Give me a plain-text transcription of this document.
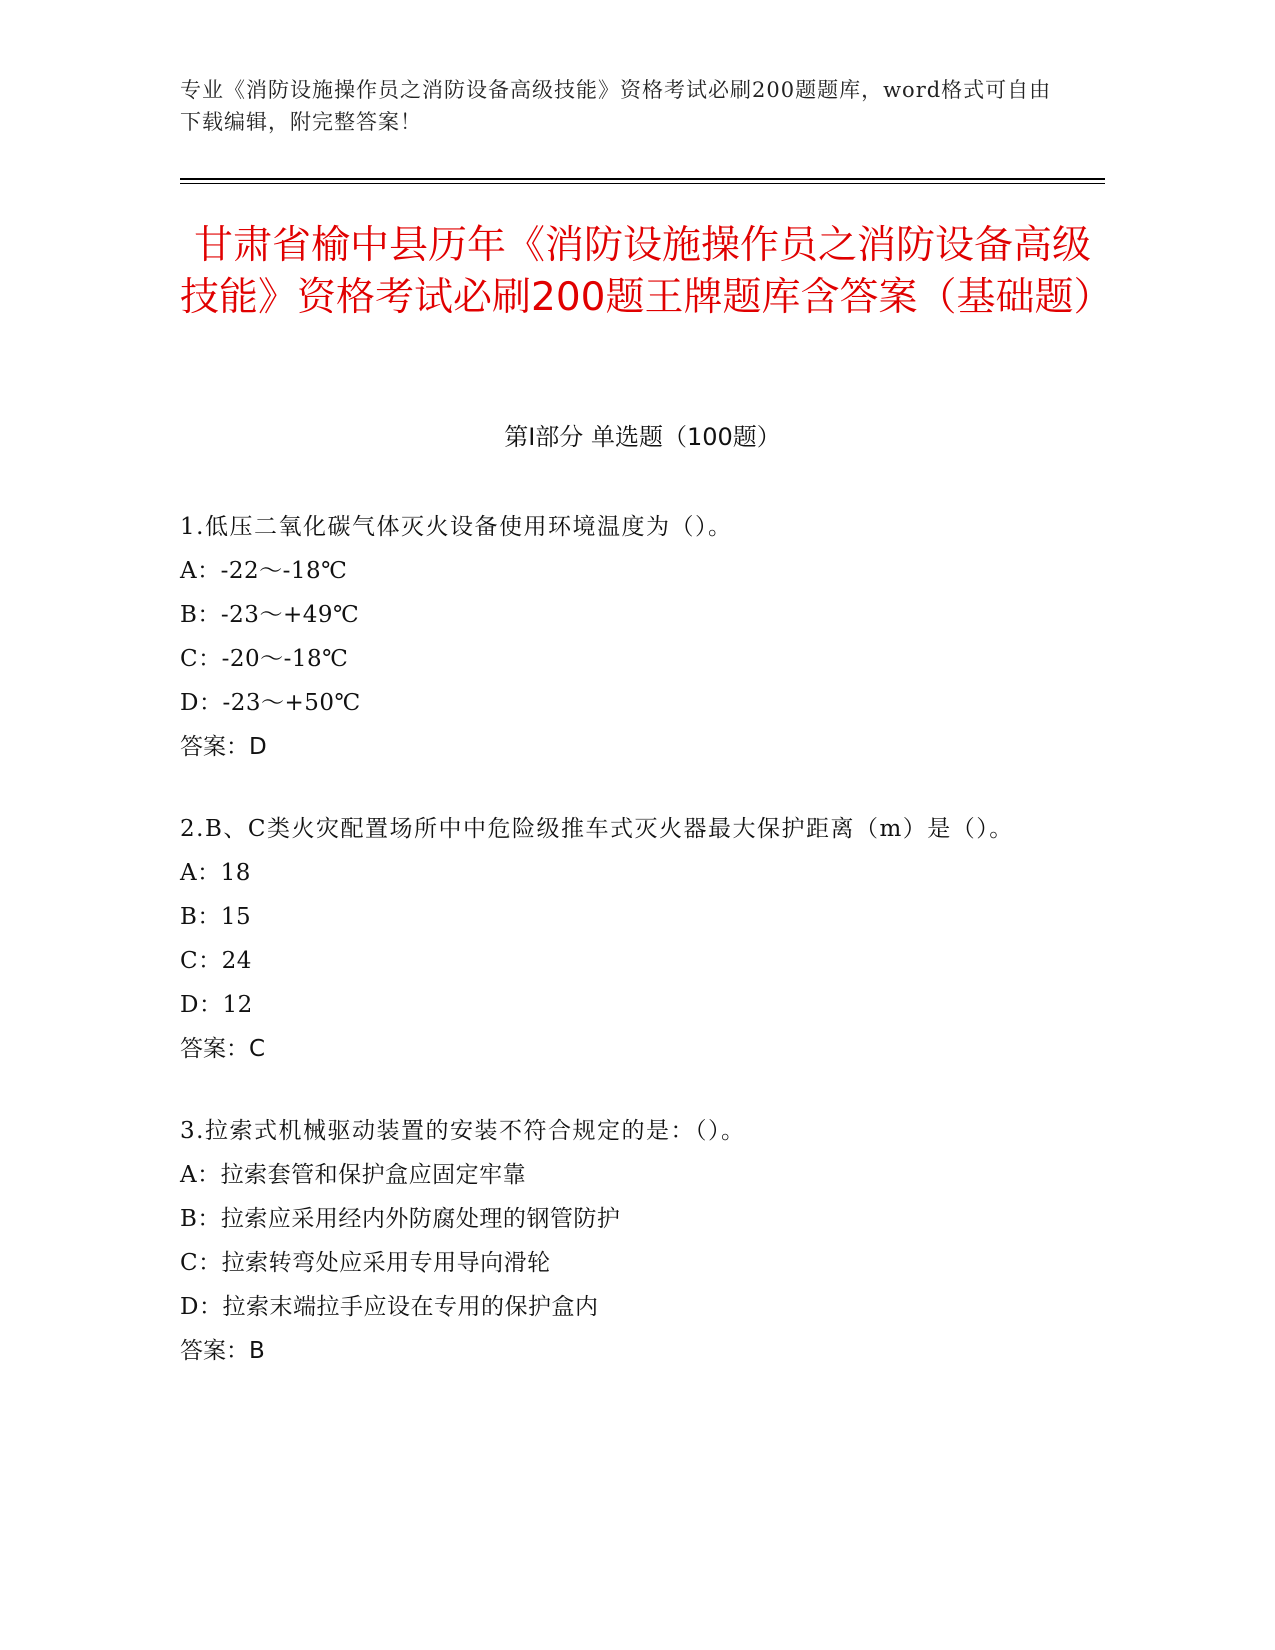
专业《消防设施操作员之消防设备高级技能》资格考试必刷200题题库，word格式可自由下载编辑，附完整答案！
甘肃省榆中县历年《消防设施操作员之消防设备高级技能》资格考试必刷200题王牌题库含答案（基础题）
第Ⅰ部分 单选题（100题）
1.低压二氧化碳气体灭火设备使用环境温度为（）。
A：-22～-18℃
B：-23～+49℃
C：-20～-18℃
D：-23～+50℃
答案：D
2.B、C类火灾配置场所中中危险级推车式灭火器最大保护距离（m）是（）。
A：18
B：15
C：24
D：12
答案：C
3.拉索式机械驱动装置的安装不符合规定的是：（）。
A：拉索套管和保护盒应固定牢靠
B：拉索应采用经内外防腐处理的钢管防护
C：拉索转弯处应采用专用导向滑轮
D：拉索末端拉手应设在专用的保护盒内
答案：B
